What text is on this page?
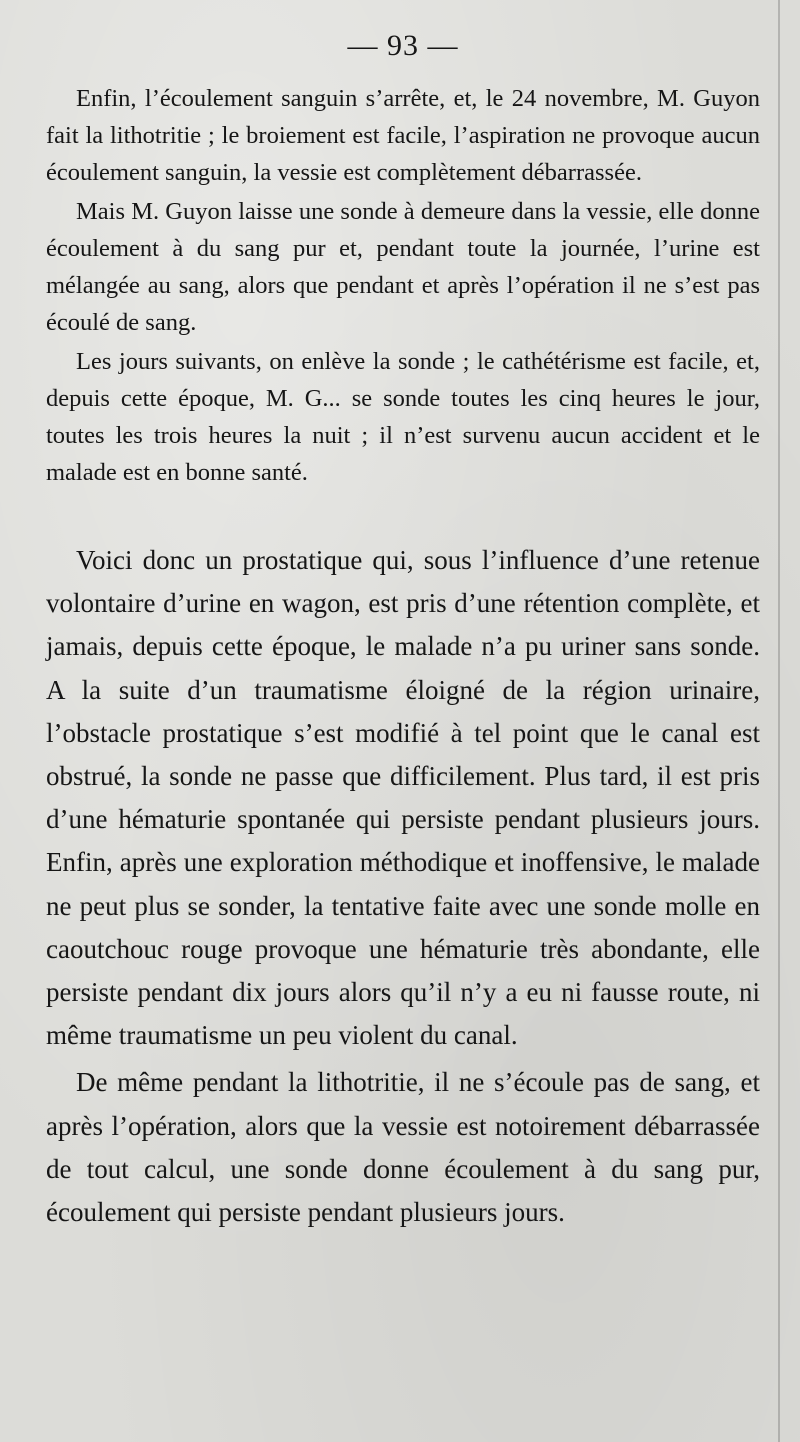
— 93 —

Enfin, l’écoulement sanguin s’arrête, et, le 24 novembre, M. Guyon fait la lithotritie ; le broiement est facile, l’aspiration ne provoque aucun écoulement sanguin, la vessie est complètement débarrassée.

Mais M. Guyon laisse une sonde à demeure dans la vessie, elle donne écoulement à du sang pur et, pendant toute la journée, l’urine est mélangée au sang, alors que pendant et après l’opération il ne s’est pas écoulé de sang.

Les jours suivants, on enlève la sonde ; le cathétérisme est facile, et, depuis cette époque, M. G... se sonde toutes les cinq heures le jour, toutes les trois heures la nuit ; il n’est survenu aucun accident et le malade est en bonne santé.

Voici donc un prostatique qui, sous l’influence d’une retenue volontaire d’urine en wagon, est pris d’une rétention complète, et jamais, depuis cette époque, le malade n’a pu uriner sans sonde. A la suite d’un traumatisme éloigné de la région urinaire, l’obstacle prostatique s’est modifié à tel point que le canal est obstrué, la sonde ne passe que difficilement. Plus tard, il est pris d’une hématurie spontanée qui persiste pendant plusieurs jours. Enfin, après une exploration méthodique et inoffensive, le malade ne peut plus se sonder, la tentative faite avec une sonde molle en caoutchouc rouge provoque une hématurie très abondante, elle persiste pendant dix jours alors qu’il n’y a eu ni fausse route, ni même traumatisme un peu violent du canal.

De même pendant la lithotritie, il ne s’écoule pas de sang, et après l’opération, alors que la vessie est notoirement débarrassée de tout calcul, une sonde donne écoulement à du sang pur, écoulement qui persiste pendant plusieurs jours.
